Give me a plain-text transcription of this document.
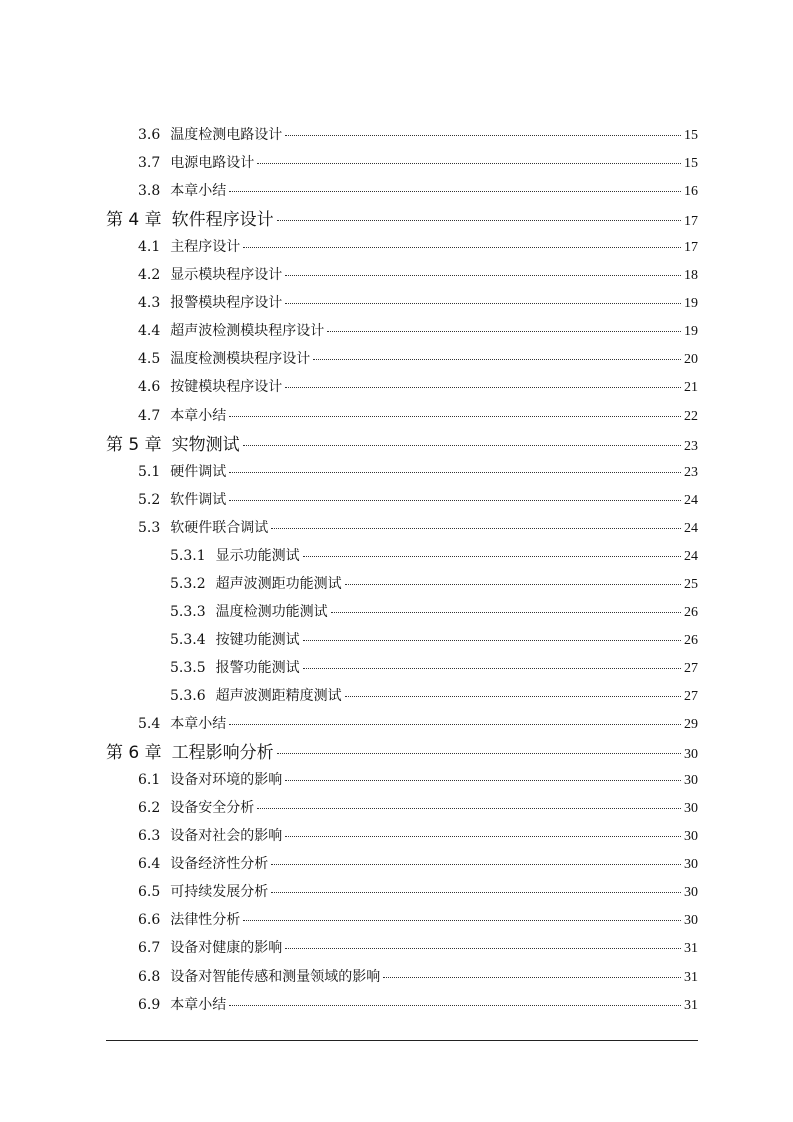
3.6 温度检测电路设计	15
3.7 电源电路设计	15
3.8 本章小结	16
第 4 章 软件程序设计	17
4.1 主程序设计	17
4.2 显示模块程序设计	18
4.3 报警模块程序设计	19
4.4 超声波检测模块程序设计	19
4.5 温度检测模块程序设计	20
4.6 按键模块程序设计	21
4.7 本章小结	22
第 5 章 实物测试	23
5.1 硬件调试	23
5.2 软件调试	24
5.3 软硬件联合调试	24
5.3.1 显示功能测试	24
5.3.2 超声波测距功能测试	25
5.3.3 温度检测功能测试	26
5.3.4 按键功能测试	26
5.3.5 报警功能测试	27
5.3.6 超声波测距精度测试	27
5.4 本章小结	29
第 6 章 工程影响分析	30
6.1 设备对环境的影响	30
6.2 设备安全分析	30
6.3 设备对社会的影响	30
6.4 设备经济性分析	30
6.5 可持续发展分析	30
6.6 法律性分析	30
6.7 设备对健康的影响	31
6.8 设备对智能传感和测量领域的影响	31
6.9 本章小结	31
